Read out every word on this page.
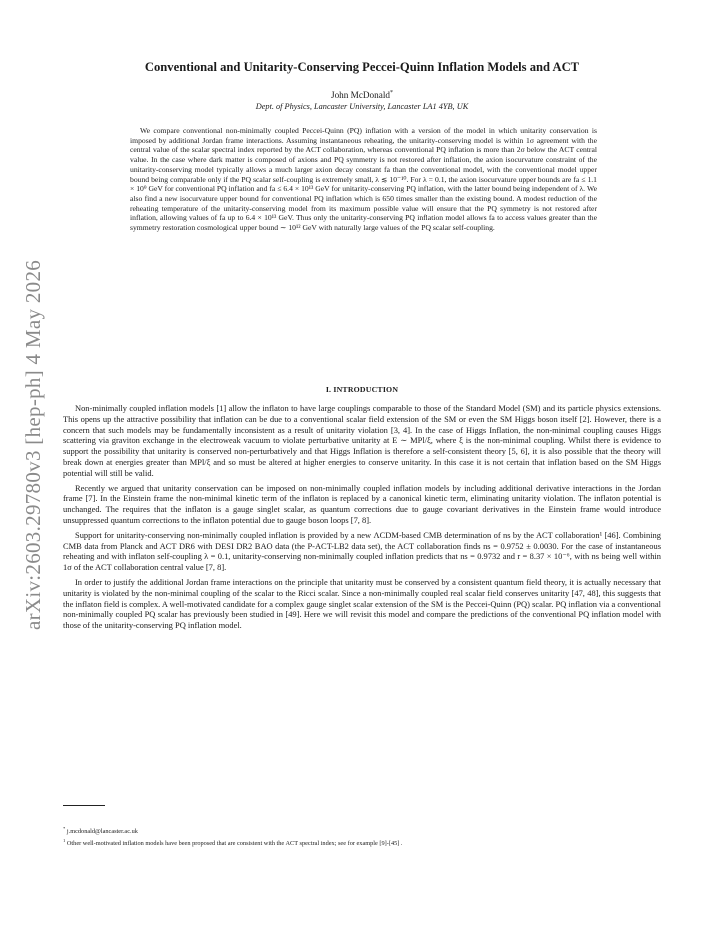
arXiv:2603.29780v3 [hep-ph] 4 May 2026
Conventional and Unitarity-Conserving Peccei-Quinn Inflation Models and ACT
John McDonald*
Dept. of Physics, Lancaster University, Lancaster LA1 4YB, UK

We compare conventional non-minimally coupled Peccei-Quinn (PQ) inflation with a version of the model in which unitarity conservation is imposed by additional Jordan frame interactions. Assuming instantaneous reheating, the unitarity-conserving model is within 1σ agreement with the central value of the scalar spectral index reported by the ACT collaboration, whereas conventional PQ inflation is more than 2σ below the ACT central value. In the case where dark matter is composed of axions and PQ symmetry is not restored after inflation, the axion isocurvature constraint of the unitarity-conserving model typically allows a much larger axion decay constant fa than the conventional model, with the conventional model upper bound being comparable only if the PQ scalar self-coupling is extremely small, λ ≲ 10⁻¹⁰. For λ = 0.1, the axion isocurvature upper bounds are fa ≤ 1.1 × 10⁹ GeV for conventional PQ inflation and fa ≤ 6.4 × 10¹³ GeV for unitarity-conserving PQ inflation, with the latter bound being independent of λ. We also find a new isocurvature upper bound for conventional PQ inflation which is 650 times smaller than the existing bound. A modest reduction of the reheating temperature of the unitarity-conserving model from its maximum possible value will ensure that the PQ symmetry is not restored after inflation, allowing values of fa up to 6.4 × 10¹³ GeV. Thus only the unitarity-conserving PQ inflation model allows fa to access values greater than the symmetry restoration cosmological upper bound ∼ 10¹² GeV with naturally large values of the PQ scalar self-coupling.

I. INTRODUCTION

Non-minimally coupled inflation models [1] allow the inflaton to have large couplings comparable to those of the Standard Model (SM) and its particle physics extensions. This opens up the attractive possibility that inflation can be due to a conventional scalar field extension of the SM or even the SM Higgs boson itself [2]. However, there is a concern that such models may be fundamentally inconsistent as a result of unitarity violation [3, 4]. In the case of Higgs Inflation, the non-minimal coupling causes Higgs scattering via graviton exchange in the electroweak vacuum to violate perturbative unitarity at E ∼ MPl/ξ, where ξ is the non-minimal coupling. Whilst there is evidence to support the possibility that unitarity is conserved non-perturbatively and that Higgs Inflation is therefore a self-consistent theory [5, 6], it is also possible that the theory will break down at energies greater than MPl/ξ and so must be altered at higher energies to conserve unitarity. In this case it is not certain that inflation based on the SM Higgs potential will still be valid.

Recently we argued that unitarity conservation can be imposed on non-minimally coupled inflation models by including additional derivative interactions in the Jordan frame [7]. In the Einstein frame the non-minimal kinetic term of the inflaton is replaced by a canonical kinetic term, eliminating unitarity violation. The inflaton potential is unchanged. The requires that the inflaton is a gauge singlet scalar, as quantum corrections due to gauge covariant derivatives in the Einstein frame would introduce unsuppressed quantum corrections to the inflaton potential due to gauge boson loops [7, 8].

Support for unitarity-conserving non-minimally coupled inflation is provided by a new ΛCDM-based CMB determination of ns by the ACT collaboration¹ [46]. Combining CMB data from Planck and ACT DR6 with DESI DR2 BAO data (the P-ACT-LB2 data set), the ACT collaboration finds ns = 0.9752 ± 0.0030. For the case of instantaneous reheating and with inflaton self-coupling λ = 0.1, unitarity-conserving non-minimally coupled inflation predicts that ns = 0.9732 and r = 8.37 × 10⁻⁶, with ns being well within 1σ of the ACT collaboration central value [7, 8].

In order to justify the additional Jordan frame interactions on the principle that unitarity must be conserved by a consistent quantum field theory, it is actually necessary that unitarity is violated by the non-minimal coupling of the scalar to the Ricci scalar. Since a non-minimally coupled real scalar field conserves unitarity [47, 48], this suggests that the inflaton field is complex. A well-motivated candidate for a complex gauge singlet scalar extension of the SM is the Peccei-Quinn (PQ) scalar. PQ inflation via a conventional non-minimally coupled PQ scalar has previously been studied in [49]. Here we will revisit this model and compare the predictions of the conventional PQ inflation model with those of the unitarity-conserving PQ inflation model.

* j.mcdonald@lancaster.ac.uk
$^1$ Other well-motivated inflation models have been proposed that are consistent with the ACT spectral index; see for example [9]-[45] .
